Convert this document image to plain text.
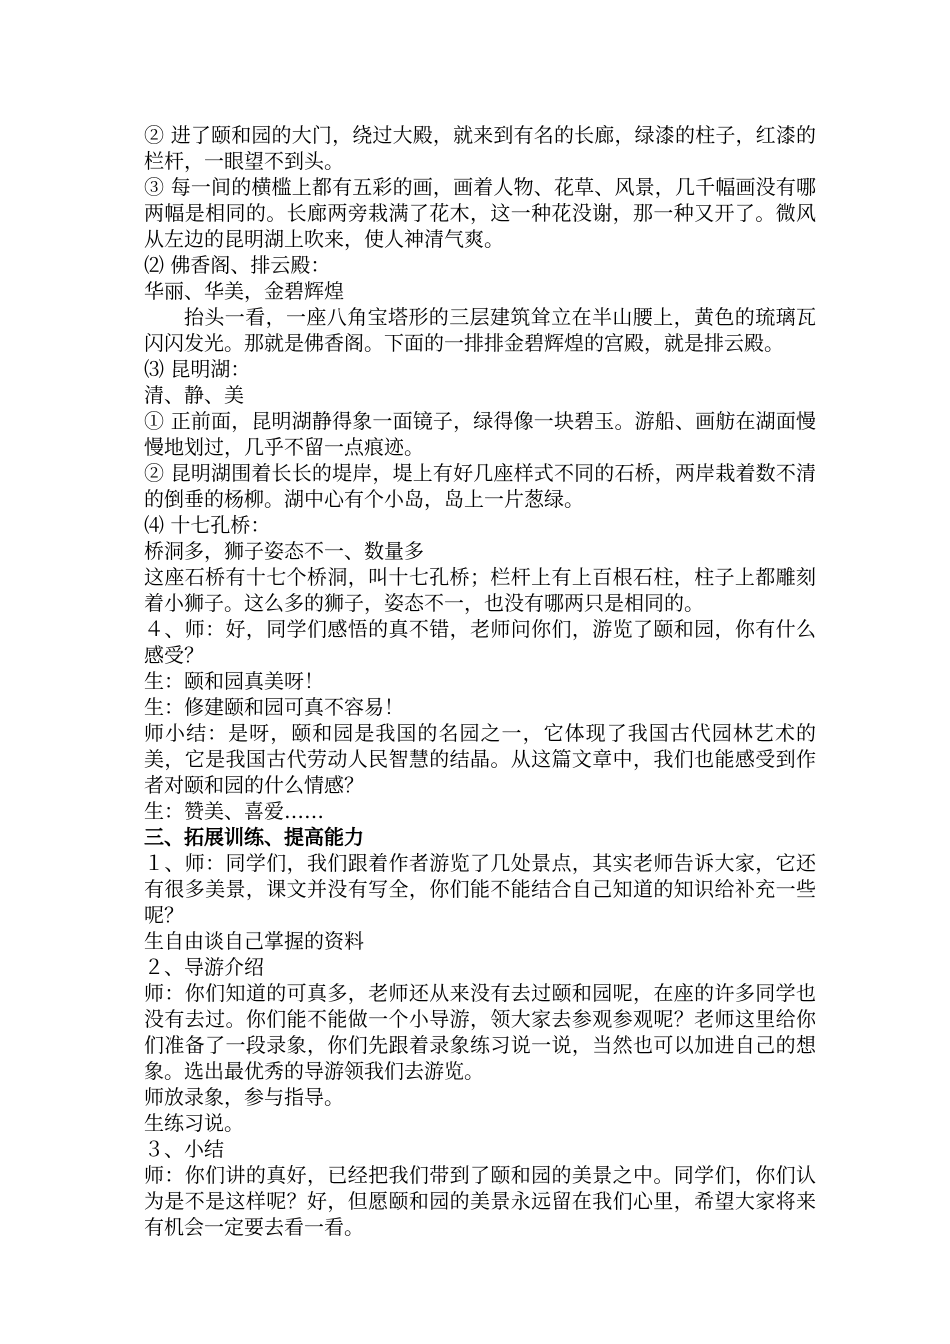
② 进了颐和园的大门，绕过大殿，就来到有名的长廊，绿漆的柱子，红漆的栏杆，一眼望不到头。

③ 每一间的横槛上都有五彩的画，画着人物、花草、风景，几千幅画没有哪两幅是相同的。长廊两旁栽满了花木，这一种花没谢，那一种又开了。微风从左边的昆明湖上吹来，使人神清气爽。

⑵ 佛香阁、排云殿：

华丽、华美，金碧辉煌

抬头一看，一座八角宝塔形的三层建筑耸立在半山腰上，黄色的琉璃瓦闪闪发光。那就是佛香阁。下面的一排排金碧辉煌的宫殿，就是排云殿。

⑶ 昆明湖：

清、静、美

① 正前面，昆明湖静得象一面镜子，绿得像一块碧玉。游船、画舫在湖面慢慢地划过，几乎不留一点痕迹。

② 昆明湖围着长长的堤岸，堤上有好几座样式不同的石桥，两岸栽着数不清的倒垂的杨柳。湖中心有个小岛，岛上一片葱绿。

⑷ 十七孔桥：

桥洞多，狮子姿态不一、数量多

这座石桥有十七个桥洞，叫十七孔桥；栏杆上有上百根石柱，柱子上都雕刻着小狮子。这么多的狮子，姿态不一，也没有哪两只是相同的。

４、师：好，同学们感悟的真不错，老师问你们，游览了颐和园，你有什么感受？

生：颐和园真美呀！

生：修建颐和园可真不容易！

师小结：是呀，颐和园是我国的名园之一，它体现了我国古代园林艺术的美，它是我国古代劳动人民智慧的结晶。从这篇文章中，我们也能感受到作者对颐和园的什么情感？

生：赞美、喜爱……

三、拓展训练、提高能力

１、师：同学们，我们跟着作者游览了几处景点，其实老师告诉大家，它还有很多美景，课文并没有写全，你们能不能结合自己知道的知识给补充一些呢？

生自由谈自己掌握的资料

２、导游介绍

师：你们知道的可真多，老师还从来没有去过颐和园呢，在座的许多同学也没有去过。你们能不能做一个小导游，领大家去参观参观呢？老师这里给你们准备了一段录象，你们先跟着录象练习说一说，当然也可以加进自己的想象。选出最优秀的导游领我们去游览。

师放录象，参与指导。

生练习说。

３、小结

师：你们讲的真好，已经把我们带到了颐和园的美景之中。同学们，你们认为是不是这样呢？好，但愿颐和园的美景永远留在我们心里，希望大家将来有机会一定要去看一看。
